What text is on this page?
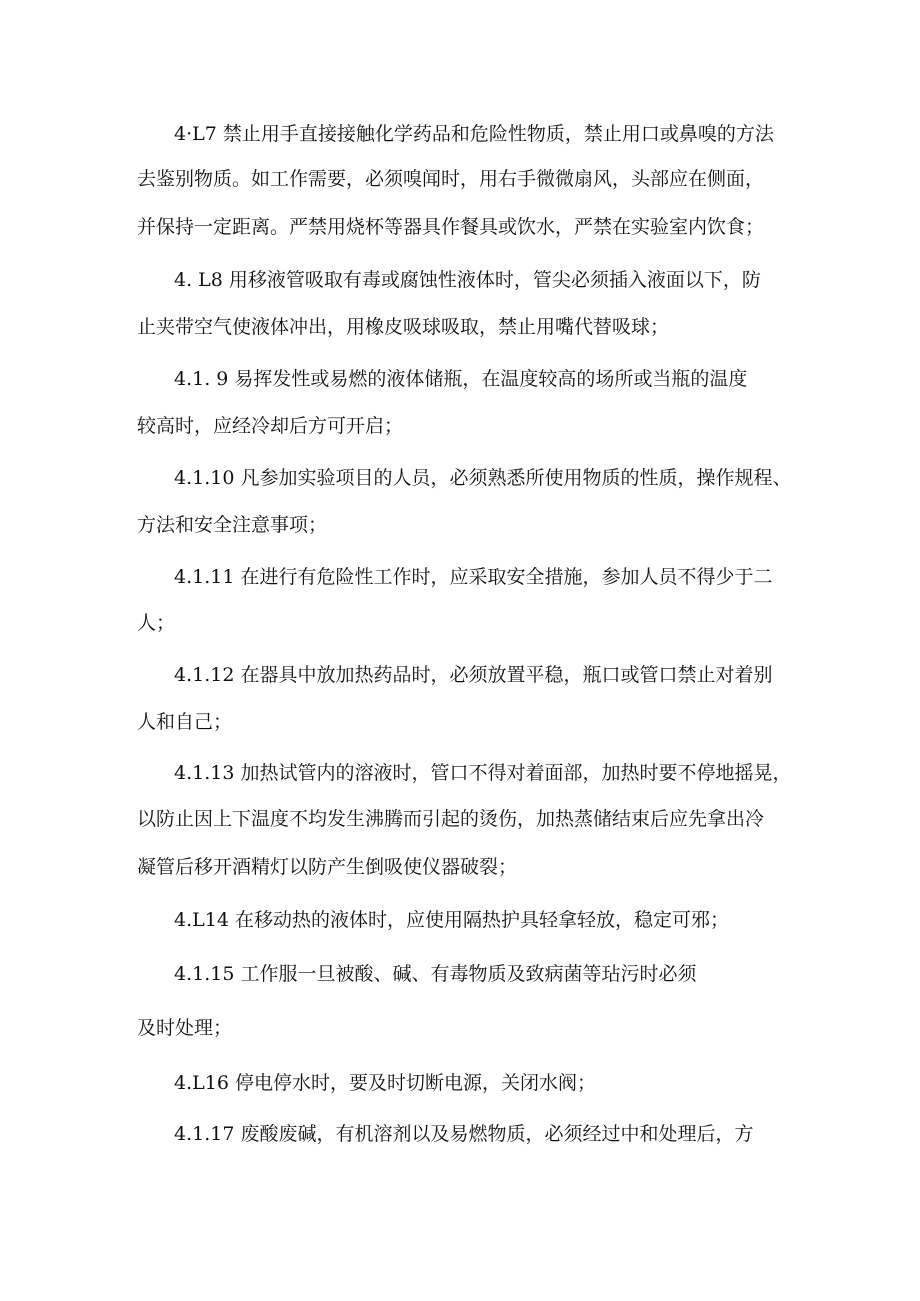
4·L7 禁止用手直接接触化学药品和危险性物质，禁止用口或鼻嗅的方法
去鉴别物质。如工作需要，必须嗅闻时，用右手微微扇风，头部应在侧面，
并保持一定距离。严禁用烧杯等器具作餐具或饮水，严禁在实验室内饮食；
4. L8 用移液管吸取有毒或腐蚀性液体时，管尖必须插入液面以下，防
止夹带空气使液体冲出，用橡皮吸球吸取，禁止用嘴代替吸球；
4.1. 9 易挥发性或易燃的液体储瓶，在温度较高的场所或当瓶的温度
较高时，应经冷却后方可开启；
4.1.10 凡参加实验项目的人员，必须熟悉所使用物质的性质，操作规程、
方法和安全注意事项；
4.1.11 在进行有危险性工作时，应采取安全措施，参加人员不得少于二
人；
4.1.12 在器具中放加热药品时，必须放置平稳，瓶口或管口禁止对着别
人和自己；
4.1.13 加热试管内的溶液时，管口不得对着面部，加热时要不停地摇晃，
以防止因上下温度不均发生沸腾而引起的烫伤，加热蒸储结束后应先拿出冷
凝管后移开酒精灯以防产生倒吸使仪器破裂；
4.L14 在移动热的液体时，应使用隔热护具轻拿轻放，稳定可邪；
4.1.15 工作服一旦被酸、碱、有毒物质及致病菌等玷污时必须
及时处理；
4.L16 停电停水时，要及时切断电源，关闭水阀；
4.1.17 废酸废碱，有机溶剂以及易燃物质，必须经过中和处理后，方
